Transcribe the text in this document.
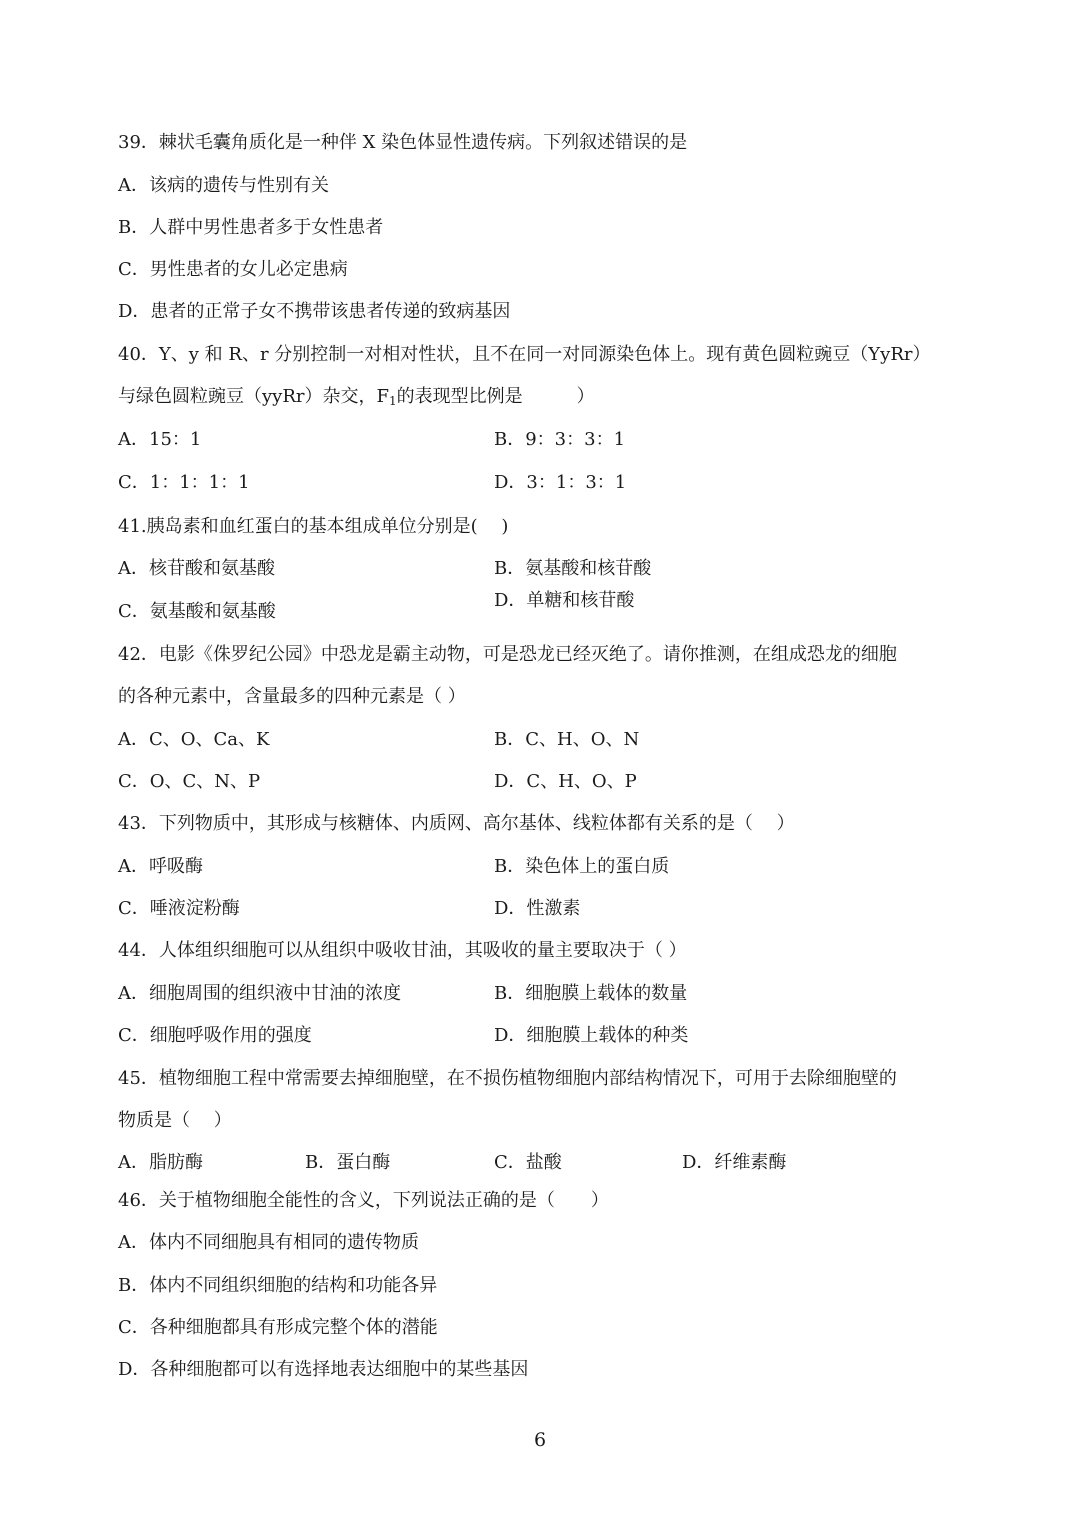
39．棘状毛囊角质化是一种伴 X 染色体显性遗传病。下列叙述错误的是
A．该病的遗传与性别有关
B．人群中男性患者多于女性患者
C．男性患者的女儿必定患病
D．患者的正常子女不携带该患者传递的致病基因
40．Y、y 和 R、r 分别控制一对相对性状，且不在同一对同源染色体上。现有黄色圆粒豌豆（YyRr）
与绿色圆粒豌豆（yyRr）杂交，$F_1$的表现型比例是　　　）
A．15：1	B．9：3：3：1
C．1：1：1：1	D．3：1：3：1
41.胰岛素和血红蛋白的基本组成单位分别是(　 )
A．核苷酸和氨基酸	B．氨基酸和核苷酸
C．氨基酸和氨基酸
D．单糖和核苷酸
42．电影《侏罗纪公园》中恐龙是霸主动物，可是恐龙已经灭绝了。请你推测，在组成恐龙的细胞
的各种元素中，含量最多的四种元素是（ ）
A．C、O、Ca、K	B．C、H、O、N
C．O、C、N、P	D．C、H、O、P
43．下列物质中，其形成与核糖体、内质网、高尔基体、线粒体都有关系的是（　 ）
A．呼吸酶	B．染色体上的蛋白质
C．唾液淀粉酶	D．性激素
44．人体组织细胞可以从组织中吸收甘油，其吸收的量主要取决于（ ）
A．细胞周围的组织液中甘油的浓度	B．细胞膜上载体的数量
C．细胞呼吸作用的强度	D．细胞膜上载体的种类
45．植物细胞工程中常需要去掉细胞壁，在不损伤植物细胞内部结构情况下，可用于去除细胞壁的
物质是（　 ）
A．脂肪酶	B．蛋白酶	C．盐酸	D．纤维素酶
46．关于植物细胞全能性的含义，下列说法正确的是（　　）
A．体内不同细胞具有相同的遗传物质
B．体内不同组织细胞的结构和功能各异
C．各种细胞都具有形成完整个体的潜能
D．各种细胞都可以有选择地表达细胞中的某些基因
6
